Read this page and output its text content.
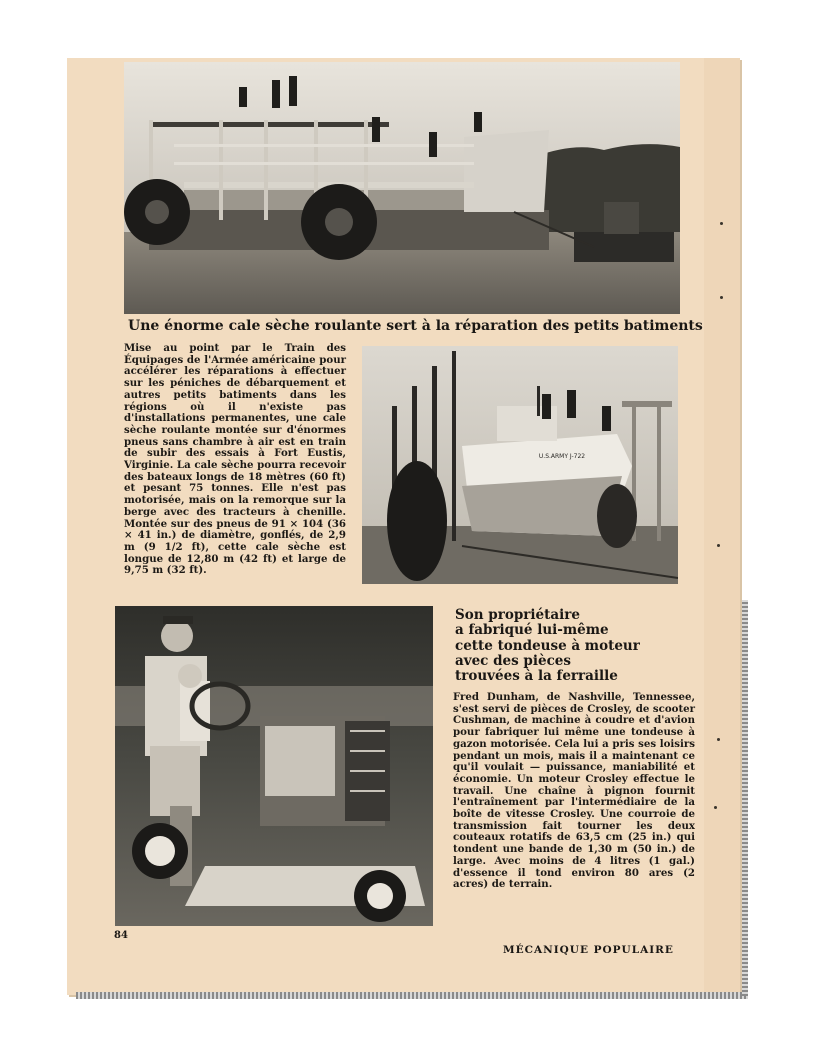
Une énorme cale sèche roulante sert à la réparation des petits batiments
Mise au point par le Train des Équipages de l'Armée américaine pour accélérer les réparations à effectuer sur les péniches de débarquement et autres petits batiments dans les régions où il n'existe pas d'installations permanentes, une cale sèche roulante montée sur d'énormes pneus sans chambre à air est en train de subir des essais à Fort Eustis, Virginie. La cale sèche pourra recevoir des bateaux longs de 18 mètres (60 ft) et pesant 75 tonnes. Elle n'est pas motorisée, mais on la remorque sur la berge avec des tracteurs à chenille. Montée sur des pneus de 91 × 104 (36 × 41 in.) de diamètre, gonflés, de 2,9 m (9 1/2 ft), cette cale sèche est longue de 12,80 m (42 ft) et large de 9,75 m (32 ft).
U.S.ARMY J-722
Son propriétaire
a fabriqué lui-même
cette tondeuse à moteur
avec des pièces
trouvées à la ferraille
Fred Dunham, de Nashville, Tennessee, s'est servi de pièces de Crosley, de scooter Cushman, de machine à coudre et d'avion pour fabriquer lui même une tondeuse à gazon motorisée. Cela lui a pris ses loisirs pendant un mois, mais il a maintenant ce qu'il voulait — puissance, maniabilité et économie. Un moteur Crosley effectue le travail. Une chaîne à pignon fournit l'entraînement par l'intermédiaire de la boîte de vitesse Crosley. Une courroie de transmission fait tourner les deux couteaux rotatifs de 63,5 cm (25 in.) qui tondent une bande de 1,30 m (50 in.) de large. Avec moins de 4 litres (1 gal.) d'essence il tond environ 80 ares (2 acres) de terrain.
84
MÉCANIQUE POPULAIRE
